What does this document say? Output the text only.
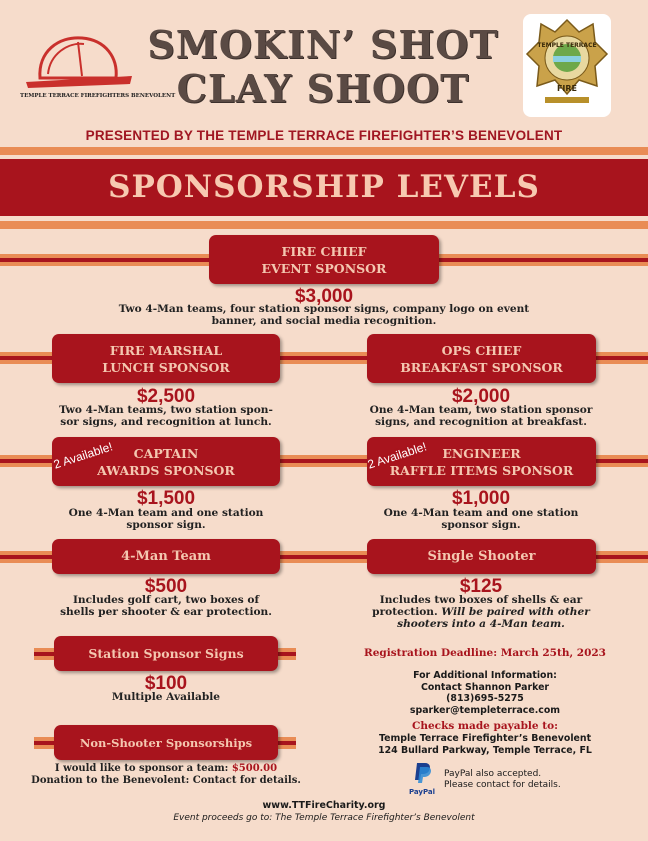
TEMPLE TERRACE FIREFIGHTERS BENEVOLENT
SMOKIN’ SHOT
CLAY SHOOT
TEMPLE TERRACE
FIRE
PRESENTED BY THE TEMPLE TERRACE FIREFIGHTER’S BENEVOLENT
SPONSORSHIP LEVELS
FIRE CHIEF
EVENT SPONSOR
$3,000
Two 4-Man teams, four station sponsor signs, company logo on event
banner, and social media recognition.
FIRE MARSHAL
LUNCH SPONSOR
OPS CHIEF
BREAKFAST SPONSOR
$2,500	$2,000
Two 4-Man teams, two station spon-
sor signs, and recognition at lunch.
One 4-Man team, two station sponsor
signs, and recognition at breakfast.
CAPTAIN
AWARDS SPONSOR
2 Available!	ENGINEER
RAFFLE ITEMS SPONSOR
2 Available!
$1,500	$1,000
One 4-Man team and one station
sponsor sign.
One 4-Man team and one station
sponsor sign.
4-Man Team	Single Shooter
$500	$125
Includes golf cart, two boxes of
shells per shooter & ear protection.
Includes two boxes of shells & ear
protection. Will be paired with other
shooters into a 4-Man team.
Station Sponsor Signs
$100
Multiple Available
Non-Shooter Sponsorships
I would like to sponsor a team: $500.00
Donation to the Benevolent: Contact for details.
Registration Deadline: March 25th, 2023
For Additional Information:
Contact Shannon Parker
(813)695-5275
sparker@templeterrace.com
Checks made payable to:
Temple Terrace Firefighter’s Benevolent
124 Bullard Parkway, Temple Terrace, FL
PayPal
PayPal also accepted.
Please contact for details.
www.TTFireCharity.org
Event proceeds go to: The Temple Terrace Firefighter’s Benevolent
